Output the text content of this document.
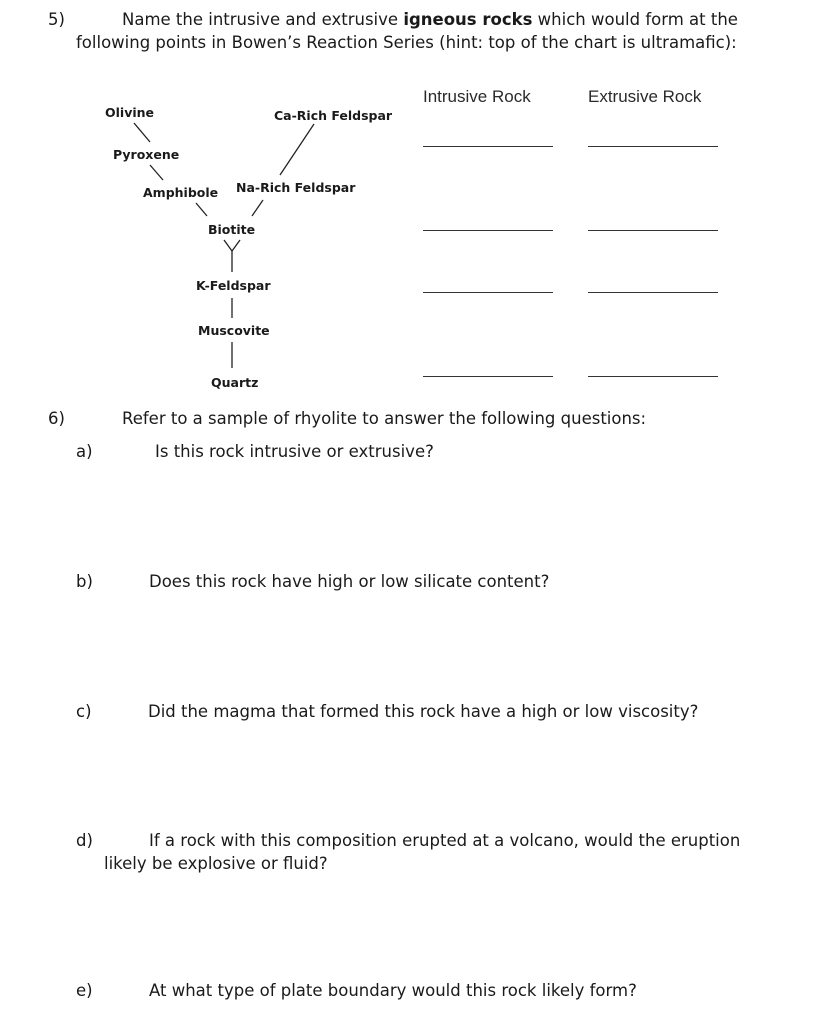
5)	Name the intrusive and extrusive igneous rocks which would form at the
following points in Bowen’s Reaction Series (hint: top of the chart is ultramafic):
Intrusive Rock	Extrusive Rock
Olivine	Ca-Rich Feldspar
Pyroxene
Amphibole Na-Rich Feldspar
Biotite
K-Feldspar
Muscovite
Quartz
6)	Refer to a sample of rhyolite to answer the following questions:
a)	Is this rock intrusive or extrusive?
b)	Does this rock have high or low silicate content?
c)	Did the magma that formed this rock have a high or low viscosity?
d)	If a rock with this composition erupted at a volcano, would the eruption
likely be explosive or fluid?
e)	At what type of plate boundary would this rock likely form?
